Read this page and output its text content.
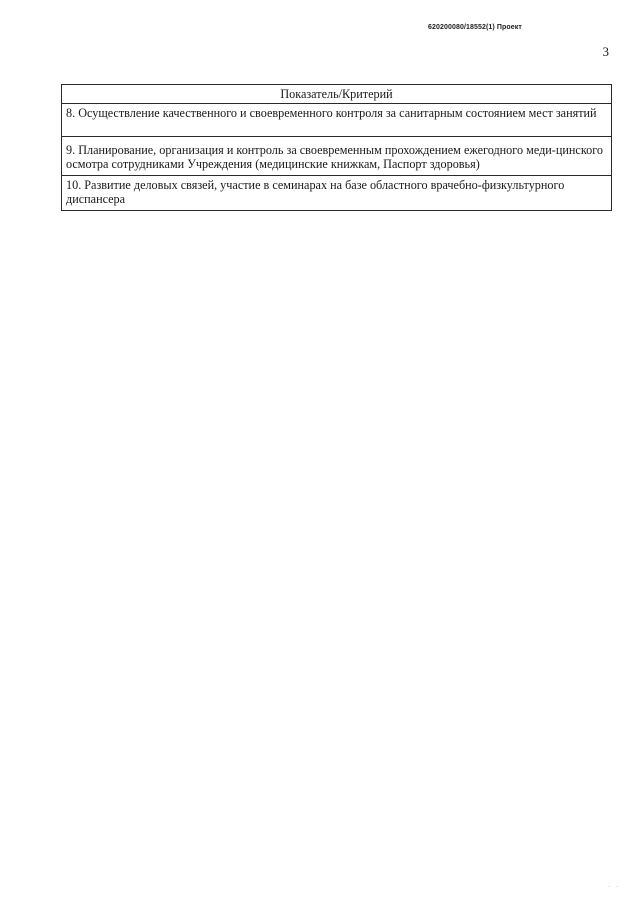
620200080/18552(1) Проект
3
Показатель/Критерий
8. Осуществление качественного и своевременного контроля за санитарным состоянием мест занятий
9. Планирование, организация и контроль за своевременным прохождением ежегодного меди-цинского осмотра сотрудниками Учреждения (медицинские книжкам, Паспорт здоровья)
10. Развитие деловых связей, участие в семинарах на базе областного врачебно-физкультурного диспансера
· ·
